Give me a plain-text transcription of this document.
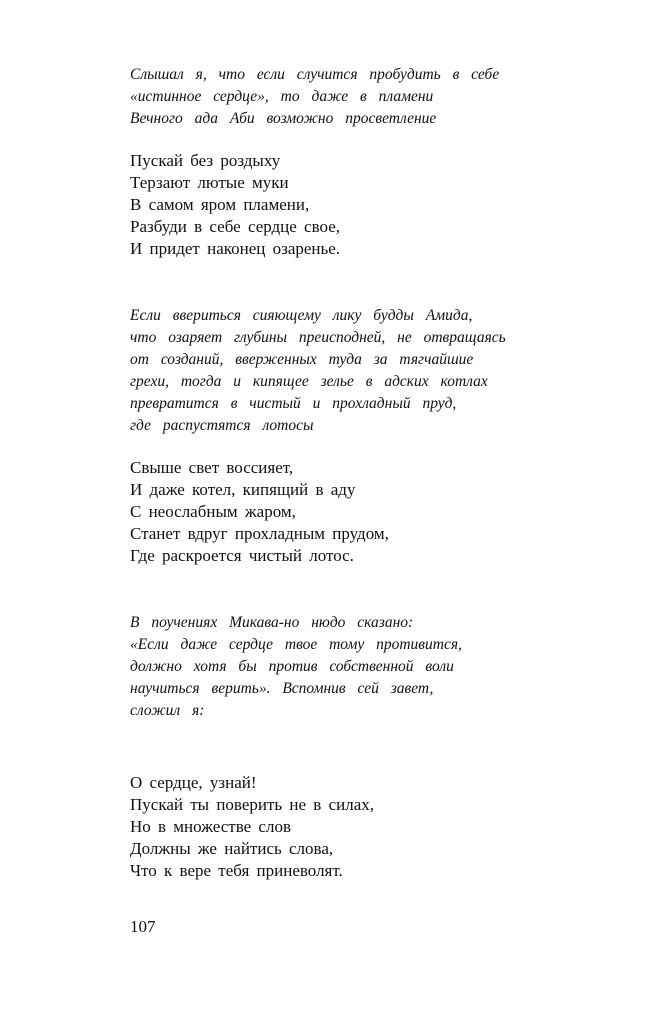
Слышал я, что если случится пробудить в себе
«истинное сердце», то даже в пламени
Вечного ада Аби возможно просветление
Пускай без роздыху
Терзают лютые муки
В самом яром пламени,
Разбуди в себе сердце свое,
И придет наконец озаренье.
Если ввериться сияющему лику будды Амида,
что озаряет глубины преисподней, не отвращаясь
от созданий, вверженных туда за тягчайшие
грехи, тогда и кипящее зелье в адских котлах
превратится в чистый и прохладный пруд,
где распустятся лотосы
Свыше свет воссияет,
И даже котел, кипящий в аду
С неослабным жаром,
Станет вдруг прохладным прудом,
Где раскроется чистый лотос.
В поучениях Микава-но нюдо сказано:
«Если даже сердце твое тому противится,
должно хотя бы против собственной воли
научиться верить». Вспомнив сей завет,
сложил я:
О сердце, узнай!
Пускай ты поверить не в силах,
Но в множестве слов
Должны же найтись слова,
Что к вере тебя приневолят.
107
